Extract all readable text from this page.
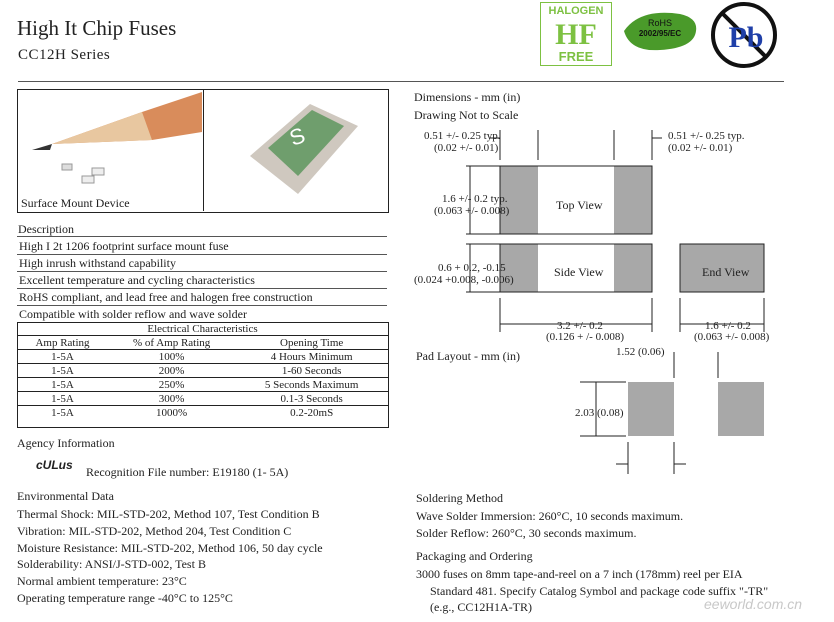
High It Chip Fuses
CC12H Series
HALOGEN
HF
FREE
RoHS
2002/95/EC	Pb
S
Surface Mount Device
Description
High I 2t 1206 footprint surface mount fuse
High inrush withstand capability
Excellent temperature and cycling characteristics
RoHS compliant, and lead free and halogen free construction
Compatible with solder reflow and wave solder
Electrical Characteristics		
Amp Rating	% of Amp Rating	Opening Time
1-5A	100%	4 Hours Minimum
1-5A	200%	1-60 Seconds
1-5A	250%	5 Seconds Maximum
1-5A	300%	0.1-3 Seconds
1-5A	1000%	0.2-20mS
Agency Information
cULus Recognition File number: E19180 (1- 5A)
Environmental Data
Thermal Shock: MIL-STD-202, Method 107, Test Condition B
Vibration: MIL-STD-202, Method 204, Test Condition C
Moisture Resistance: MIL-STD-202, Method 106, 50 day cycle
Solderability: ANSI/J-STD-002, Test B
Normal ambient temperature: 23°C
Operating temperature range -40°C to 125°C
Dimensions - mm (in)
Drawing Not to Scale
0.51 +/- 0.25 typ.
(0.02 +/- 0.01)
0.51 +/- 0.25 typ.
(0.02 +/- 0.01)
1.6 +/- 0.2 typ.
(0.063 +/- 0.008)	Top View
0.6 + 0.2, -0.15
(0.024 +0.008, -0.006)
Side View	End View
3.2 +/- 0.2
(0.126 + /- 0.008)
1.6 +/- 0.2
(0.063 +/- 0.008)
Pad Layout - mm (in)	1.52 (0.06)
2.03 (0.08)
Soldering Method
Wave Solder Immersion: 260°C, 10 seconds maximum.
Solder Reflow: 260°C, 30 seconds maximum.
Packaging and Ordering
3000 fuses on 8mm tape-and-reel on a 7 inch (178mm) reel per EIA
Standard 481. Specify Catalog Symbol and package code suffix "-TR"
(e.g., CC12H1A-TR)	eeworld.com.cn
